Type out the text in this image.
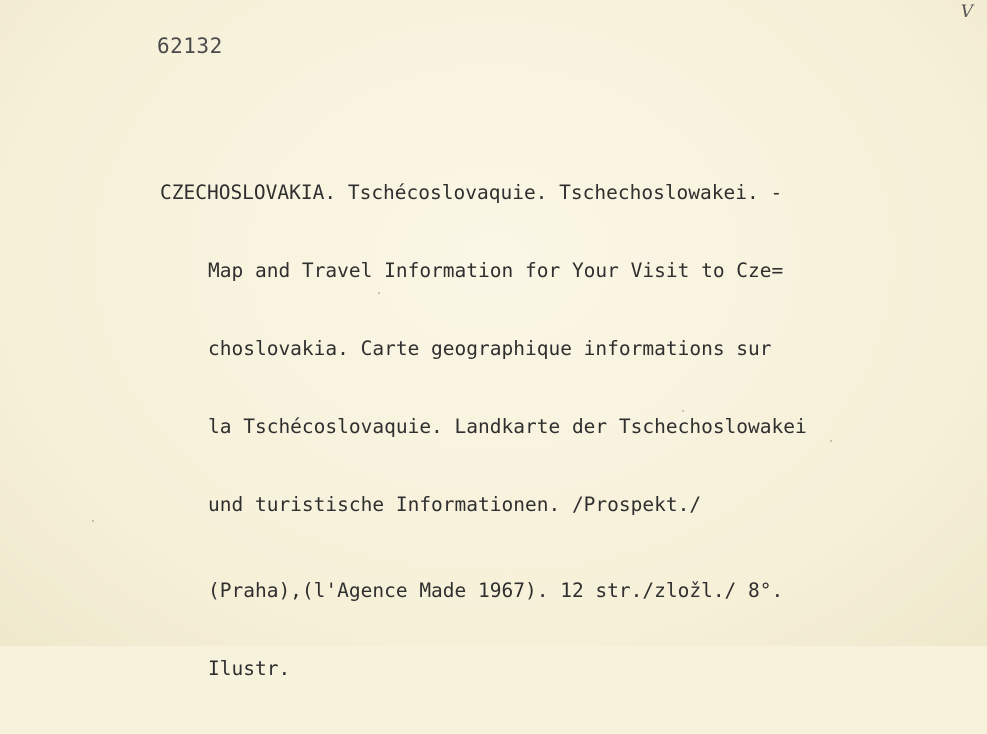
V
62132

CZECHOSLOVAKIA. Tschécoslovaquie. Tschechoslowakei. -

Map and Travel Information for Your Visit to Cze=

choslovakia. Carte geographique informations sur

la Tschécoslovaquie. Landkarte der Tschechoslowakei

und turistische Informationen. /Prospekt./

(Praha),(l'Agence Made 1967). 12 str./zložl./ 8°.

Ilustr.
